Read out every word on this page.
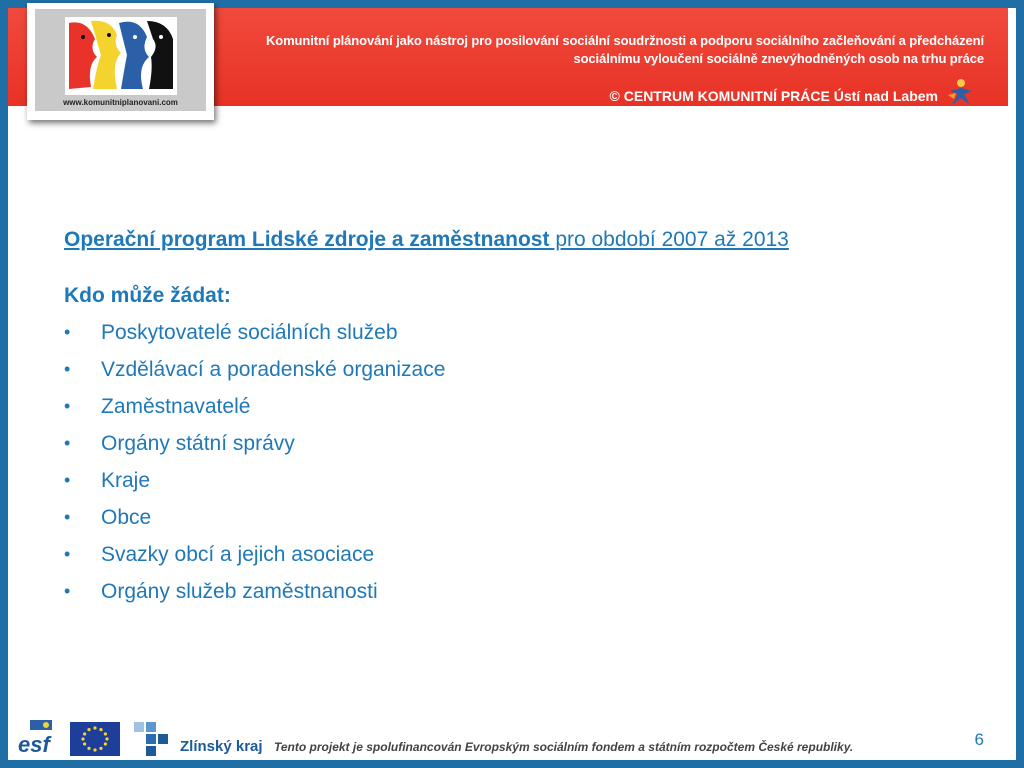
Komunitní plánování jako nástroj pro posilování sociální soudržnosti a podporu sociálního začleňování a předcházení
sociálnímu vyloučení sociálně znevýhodněných osob na trhu práce
© CENTRUM KOMUNITNÍ PRÁCE Ústí nad Labem
www.komunitniplanovani.com
Operační program Lidské zdroje a zaměstnanost pro období 2007 až 2013
Kdo může žádat:
•	Poskytovatelé sociálních služeb
•	Vzdělávací a poradenské organizace
•	Zaměstnavatelé
•	Orgány státní správy
•	Kraje
•	Obce
•	Svazky obcí a jejich asociace
•	Orgány služeb zaměstnanosti
esf	Zlínský kraj Tento projekt je spolufinancován Evropským sociálním fondem a státním rozpočtem České republiky.	6
